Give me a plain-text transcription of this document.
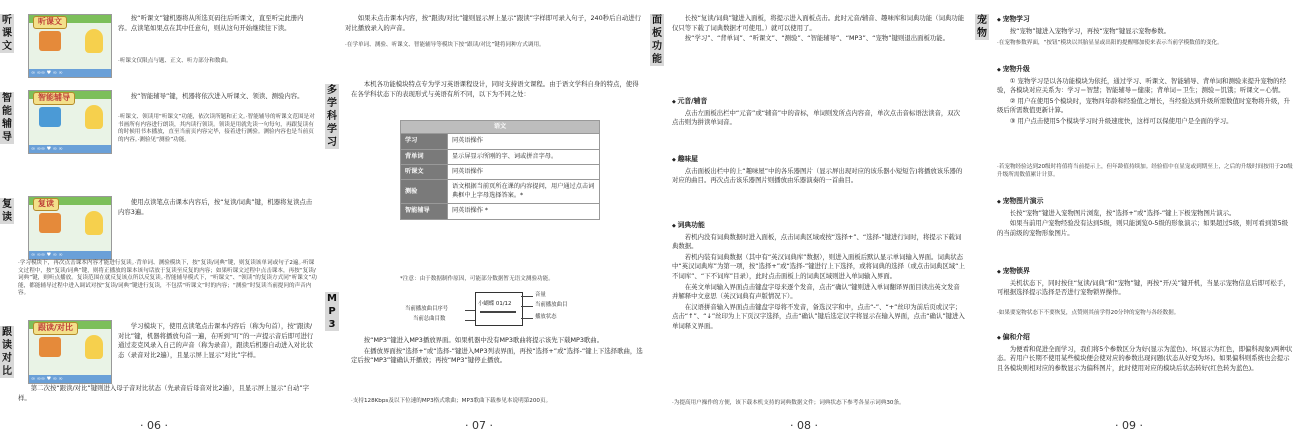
听
课
文
听课文
∞ ∞∞ ♥ ∞ ∞

按“听课文”键机器将从所选页码往后听课文，直至听完此册内容。点读笔如果点在其中任意句，则从这句开始继续往下读。

·听课文仅限点与题、正文、听力部分和数曲。

智
能
辅
导
智能辅导
∞ ∞∞ ♥ ∞ ∞

按“智能辅导”键，机器将依次进入听课文、领读、测验内容。

·听课文、领读用“听课文”功能，依次读所题和正文。·智能辅导的听课文范围是对书画所有内容进行朗读，其内读行领读。领读是用就先读一句每句，再跟复读有的时候用书本播放，直至当前页内容完毕，接着进行测验。测验内容也是当前页的内容。·测验见“测验”功能。

复
读
复读
∞ ∞∞ ♥ ∞ ∞

使用点读笔点击课本内容后，按“复读/词典”键，机器将复读点击内容3遍。

·学习模块下，再次点击课本内容才能进行复读。·背单词、测验模块下，按“复读/词典”键，则复读该单词或句子2遍。·听课文过程中，按“复读/词典”键，则将正播放的课本该句话放于复读至反复的内容；如果听课文过程中点击课本，再按“复读/词典”键，则听点播放。复读范围在就反复该点所以反复读。·智能辅导模式下，“听课文”、“领读”的复读方式同“听课文”功能，都能辅导过程中进入调试对按“复读/词典”键进行复读，不包括“听课文”时的内容；“测验”时复读当前提问的声音内容。

跟
读
对
比
跟读/对比
∞ ∞∞ ♥ ∞ ∞

学习模块下，使用点读笔点击课本内容后（称为句首），按“跟读/对比”键，机器将播放句首一遍，在听到“叮”的一声提示音后即可进行通过麦克风录入自己的声音（称为录音），跟读后机器自动进入对比状态（录音对比2遍），且显示屏上显示“对比”字样。

第二次按“跟读/对比”键则进入母子音对比状态（先录音后母音对比2遍），且显示屏上显示“自动”字样。

· 06 ·

如果未点击课本内容，按“跟读/对比”键则显示屏上显示“跟读”字样即可录入句子，240秒后自动进行对比播放录入的声音。

·在学单词、测验、听课文、智能辅导等模块下按“跟读/对比”键将同种方式调用。

多
学
科
学
习

本机各功能模块特点专为学习英语课程设计，同时支持语文课程。由于语文学科自身的特点，使得在各学科状态下的表现形式与英语有所不同，以下为不同之处：

语文	
学习	同英语操作
背单词	显示屏显示所刚的字、词或拼音字母。
听课文	同英语操作
测验	语文根据当前页所在课的内容提问，用户通过点击词典框中上字母选择答案。*
智能辅导	同英语操作 *

*注意：由于数据制作原因，可能部分数据暂无语文测验功能。

M
P
3
小蝴蝶 01/12
音量
当前播放曲目
播放状态
当前播放曲目序号
当前总曲目数

按“MP3”键进入MP3播放界面。如果机器中没有MP3歌曲将提示该先下载MP3歌曲。

在播放界面按“选择+”或“选择-”键进入MP3列表界面，再按“选择+”或“选择-”键上下选择歌曲，选定后按“MP3”键确认开播放；再按“MP3”键停止播放。

·支持128Kbps及以下位速的MP3格式歌曲；MP3歌曲下载参见本说明第200页。

· 07 ·
面
板
功
能

长按“复读/词典”键进入面板，将提示进入面板点击。此时元音/辅音、趣味库和词典功能（词典功能仅只等下载了词典数据才可使用。）就可以使用了。

按“学习”、“背单词”、“听课文”、“测验”、“智能辅导”、“MP3”、“宠物”键则退出面板功能。

◆ 元音/辅音

点击左面板出栏中“元音”或“辅音”中的音标，单词则发所点内容音，单次点击音标语法读音，双次点击则为拼读单词音。

◆ 趣味屋

点击面板出栏中的上“趣味屋”中的各乐器图片（显示屏出现对应的该乐器小短短告)将播放该乐器的对应的曲目。再次点击该乐器图片则播放由乐器演奏的一首曲目。

◆ 词典功能

若机内没有词典数据时进入面板，点击词典区域或按“选择+”、“选择-”键进行词时，将提示下载词典数据。

若机内装有词典数据（其中有“英汉词典库”数据），则进入面板后默认显示单词输入界面。词典状态中“英汉词典库”为第一项，按“选择+”或“选择-”键进行上下选择，或将词典的选择（或点击词典区域“上不词库”、“下不词库”目录），此时点击面板上的词典区域则进入单词输入界面。

在英文单词输入界面点击键盘字母来逐个发音，点击“确认”键则进入单词翻译界面目读出英文发音并解释中文意思（英汉词典有声版情况下）。

在汉语拼音输入界面点击键盘字母将不发音，备选汉字和中，点击“-”、“+”丝印为前后页或汉字；点击“↑”、“↓”丝印为上下页汉字选择，点击“确认”键后选定汉字将显示在输入界面，点击“确认”键进入单词释义界面。

·为提高用户操作的方便，该下载本机支持的词典数据文件；词典状态下参考各显示词典30条。

· 08 ·
宠
物
◆ 宠物学习

按“宠物”键进入宠物学习，再按“宠物”键显示宠物参数。

·在宠物参数界面，“按钮”模块以其胎显显或出阳的提醒哪加使来表示当前学模数值的变化。

◆ 宠物升级

① 宠物学习是以各功能模块为依托，通过学习、听课文、智能辅导、背单词和测验来提升宠物的经验，各模块对应关系为：学习＝智慧；智能辅导＝健康；背单词＝卫生；测验＝饥饿；听课文＝心情。

② 用户在使用5个模块时，宠物四年龄和经验值之增长，当经验达到升级所需数值时宠物将升级，升级后所需数值更新计算。

③ 用户点击使用5个模块学习时升级速度快，这样可以保使用户是全面的学习。

·若宠物经验达到20级时将值将当前提示上，但年龄值持续加。经验值中在显宠或到期至上，之后的升级时间按用于20级升级所需数值累计计算。

◆ 宠物图片演示

长按“宠物”键进入宠物图片浏览，按“选择+”或“选择-”键上下极宠物图片演示。

如果当前用户宠物经验没有达到5级，则只能浏览0-5级的形象演示；如果超过5级，则可看到第5级的当前级的宠物形象图片。

◆ 宠物锁界

关机状态下，同时按住“复读/词典”和“宠物”键，再按“开/关”键开机，当显示宠物信息后即可松手，可根据选择提示选择是否进行宠物锁界操作。

·如果要宠物状态下不要恢复，点赞则其前学得20分钟的宠物与各经数据。

◆ 偏和介绍

为便看和促进全面学习，我们将5个参数区分为好(显示为蓝色)、坏(显示为红色，即偏科现象)两种状态。若用户长期不使用某些模块便会使对应的参数出现问题(状态从好变为坏)。如果偏科则系统也会提示且各模块则相对应的参数显示为偏科图片，此时使用对应的模块后状态转好(红色转为蓝色)。

· 09 ·
